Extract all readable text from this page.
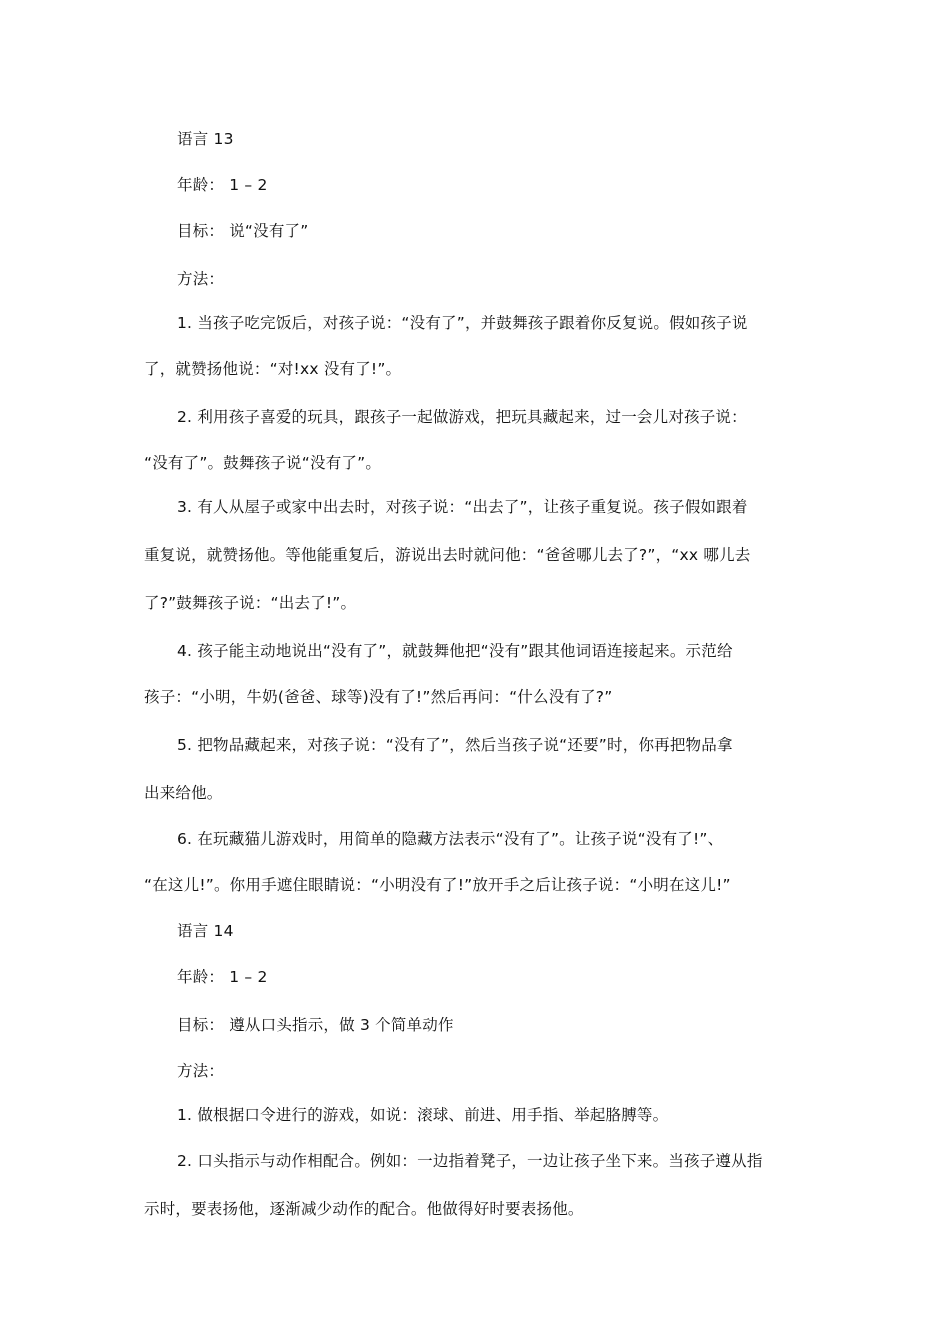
语言 13
年龄： 1 – 2
目标： 说“没有了”
方法：
1. 当孩子吃完饭后，对孩子说：“没有了”，并鼓舞孩子跟着你反复说。假如孩子说
了，就赞扬他说：“对!xx 没有了!”。
2. 利用孩子喜爱的玩具，跟孩子一起做游戏，把玩具藏起来，过一会儿对孩子说：
“没有了”。鼓舞孩子说“没有了”。
3. 有人从屋子或家中出去时，对孩子说：“出去了”，让孩子重复说。孩子假如跟着
重复说，就赞扬他。等他能重复后，游说出去时就问他：“爸爸哪儿去了?”，“xx 哪儿去
了?”鼓舞孩子说：“出去了!”。
4. 孩子能主动地说出“没有了”，就鼓舞他把“没有”跟其他词语连接起来。示范给
孩子：“小明，牛奶(爸爸、球等)没有了!”然后再问：“什么没有了?”
5. 把物品藏起来，对孩子说：“没有了”，然后当孩子说“还要”时，你再把物品拿
出来给他。
6. 在玩藏猫儿游戏时，用简单的隐藏方法表示“没有了”。让孩子说“没有了!”、
“在这儿!”。你用手遮住眼睛说：“小明没有了!”放开手之后让孩子说：“小明在这儿!”
语言 14
年龄： 1 – 2
目标： 遵从口头指示，做 3 个简单动作
方法：
1. 做根据口令进行的游戏，如说：滚球、前进、用手指、举起胳膊等。
2. 口头指示与动作相配合。例如：一边指着凳子，一边让孩子坐下来。当孩子遵从指
示时，要表扬他，逐渐减少动作的配合。他做得好时要表扬他。
